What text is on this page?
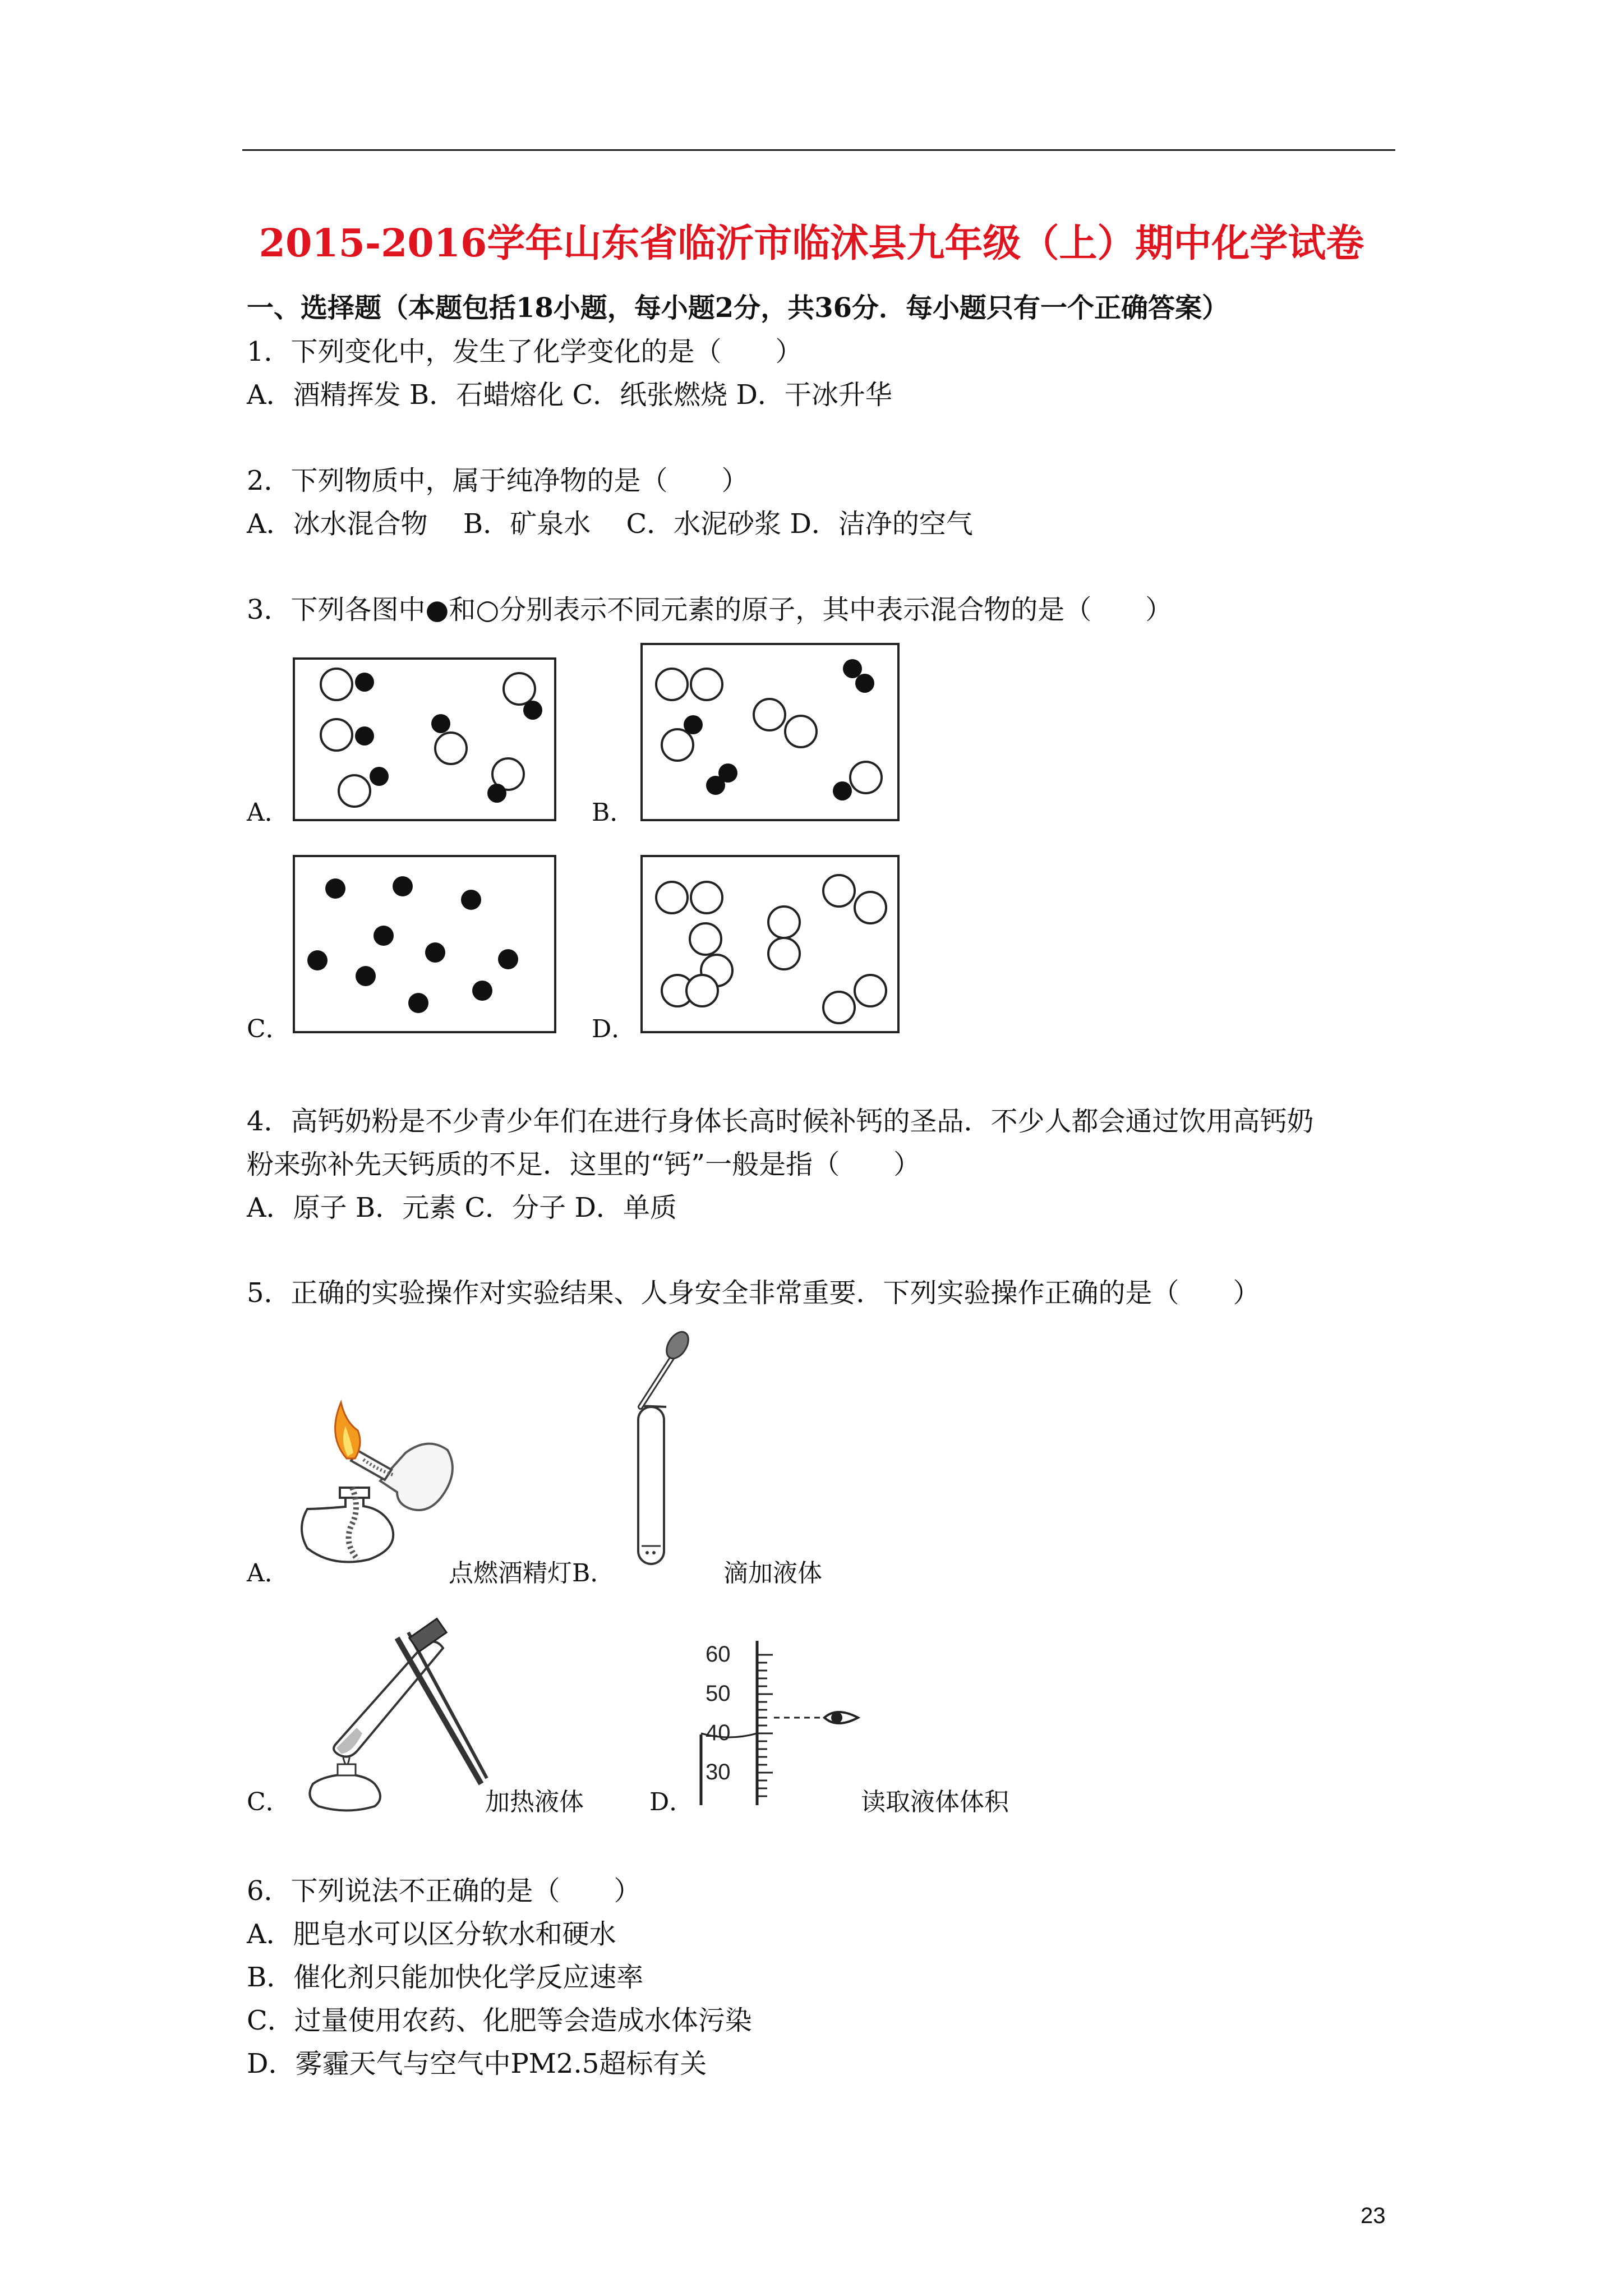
2015-2016学年山东省临沂市临沭县九年级（上）期中化学试卷
一、选择题（本题包括18小题，每小题2分，共36分．每小题只有一个正确答案）
1．下列变化中，发生了化学变化的是（　　）
A．酒精挥发 B．石蜡熔化 C．纸张燃烧 D．干冰升华
2．下列物质中，属于纯净物的是（　　）
A．冰水混合物　 B．矿泉水　 C．水泥砂浆 D．洁净的空气
3．下列各图中●和○分别表示不同元素的原子，其中表示混合物的是（　　）
A．	B．
C．	D．
4．高钙奶粉是不少青少年们在进行身体长高时候补钙的圣品．不少人都会通过饮用高钙奶
粉来弥补先天钙质的不足．这里的“钙”一般是指（　　）
A．原子 B．元素 C．分子 D．单质
5．正确的实验操作对实验结果、人身安全非常重要．下列实验操作正确的是（　　）
A．	点燃酒精灯B．	滴加液体
C．	加热液体
60
50
40
30
D．	读取液体体积
6．下列说法不正确的是（　　）
A．肥皂水可以区分软水和硬水
B．催化剂只能加快化学反应速率
C．过量使用农药、化肥等会造成水体污染
D．雾霾天气与空气中PM2.5超标有关
23
